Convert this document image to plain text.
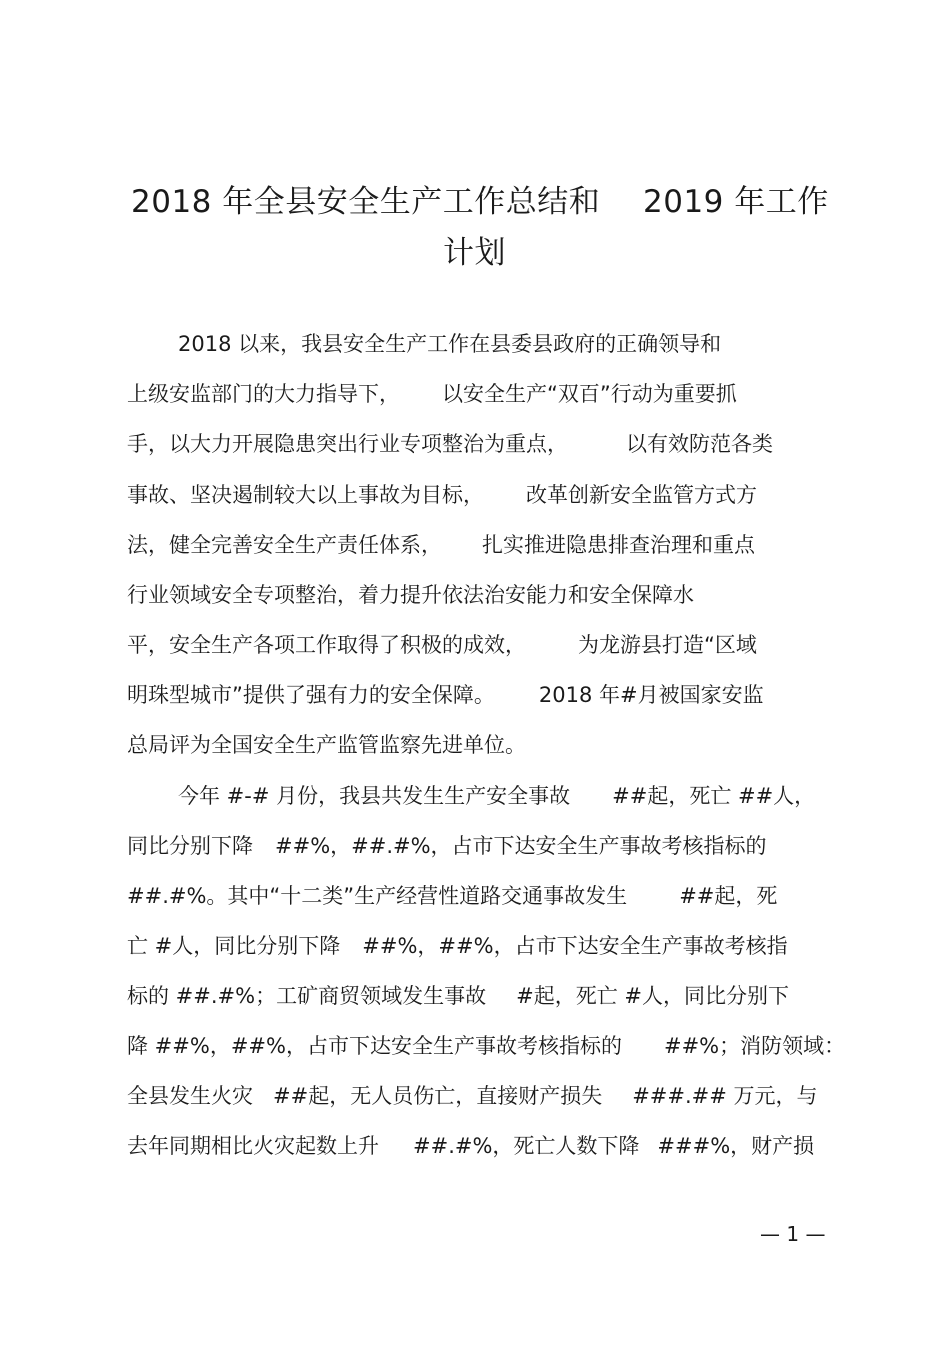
2018 年全县安全生产工作总结和 2019 年工作
计划
2018 以来，我县安全生产工作在县委县政府的正确领导和
上级安监部门的大力指导下， 以安全生产“双百”行动为重要抓
手，以大力开展隐患突出行业专项整治为重点，	以有效防范各类
事故、坚决遏制较大以上事故为目标， 改革创新安全监管方式方
法，健全完善安全生产责任体系， 扎实推进隐患排查治理和重点
行业领域安全专项整治，着力提升依法治安能力和安全保障水
平，安全生产各项工作取得了积极的成效， 为龙游县打造“区域
明珠型城市”提供了强有力的安全保障。 2018 年#月被国家安监
总局评为全国安全生产监管监察先进单位。
今年 #-# 月份，我县共发生生产安全事故 ##起，死亡 ##人，
同比分别下降 ##%，##.#%，占市下达安全生产事故考核指标的
##.#%。其中“十二类”生产经营性道路交通事故发生 ##起，死
亡 #人，同比分别下降 ##%，##%，占市下达安全生产事故考核指
标的 ##.#%；工矿商贸领域发生事故 #起，死亡 #人，同比分别下
降 ##%，##%，占市下达安全生产事故考核指标的 ##%；消防领域：
全县发生火灾 ##起，无人员伤亡，直接财产损失 ###.## 万元，与
去年同期相比火灾起数上升 ##.#%，死亡人数下降 ###%，财产损
— 1 —
